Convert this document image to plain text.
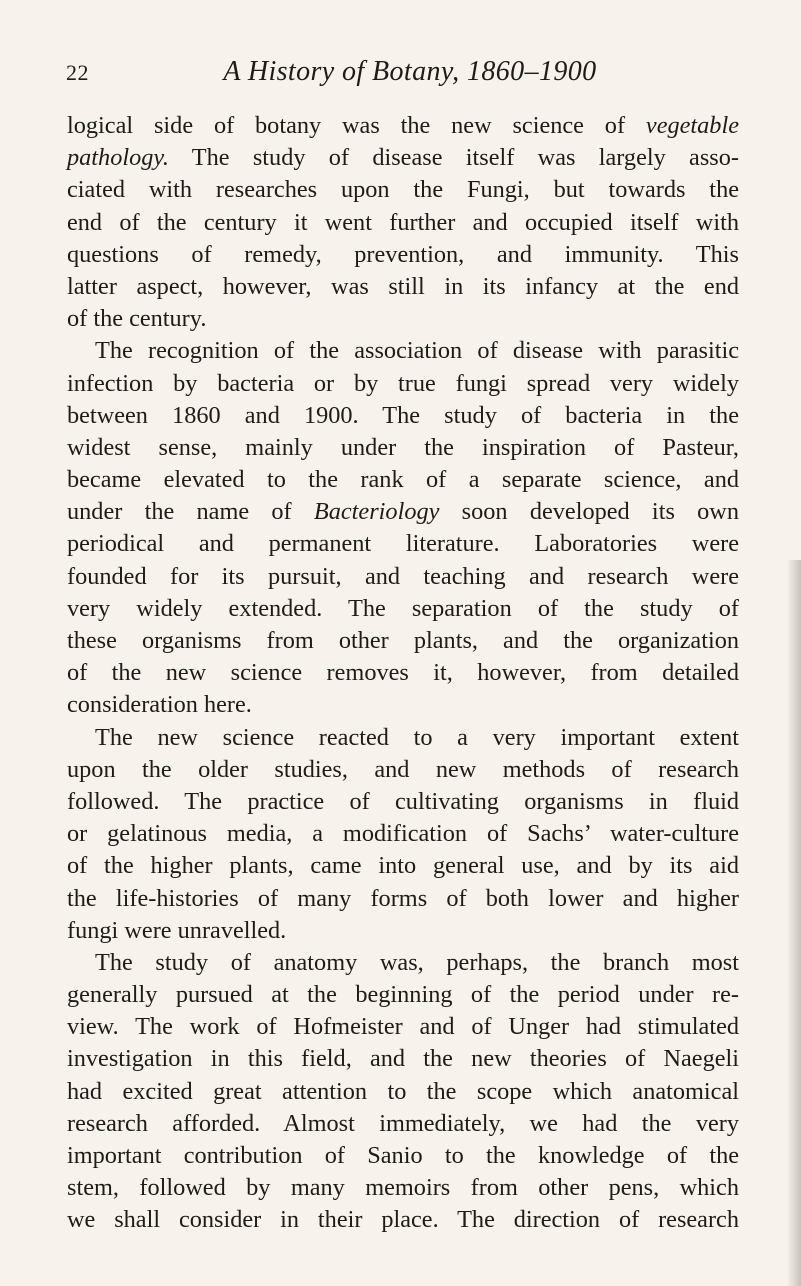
22	A History of Botany, 1860–1900
logical side of botany was the new science of vegetable
pathology. The study of disease itself was largely asso-
ciated with researches upon the Fungi, but towards the
end of the century it went further and occupied itself with
questions of remedy, prevention, and immunity. This
latter aspect, however, was still in its infancy at the end
of the century.
The recognition of the association of disease with parasitic
infection by bacteria or by true fungi spread very widely
between 1860 and 1900. The study of bacteria in the
widest sense, mainly under the inspiration of Pasteur,
became elevated to the rank of a separate science, and
under the name of Bacteriology soon developed its own
periodical and permanent literature. Laboratories were
founded for its pursuit, and teaching and research were
very widely extended. The separation of the study of
these organisms from other plants, and the organization
of the new science removes it, however, from detailed
consideration here.
The new science reacted to a very important extent
upon the older studies, and new methods of research
followed. The practice of cultivating organisms in fluid
or gelatinous media, a modification of Sachs’ water-culture
of the higher plants, came into general use, and by its aid
the life-histories of many forms of both lower and higher
fungi were unravelled.
The study of anatomy was, perhaps, the branch most
generally pursued at the beginning of the period under re-
view. The work of Hofmeister and of Unger had stimulated
investigation in this field, and the new theories of Naegeli
had excited great attention to the scope which anatomical
research afforded. Almost immediately, we had the very
important contribution of Sanio to the knowledge of the
stem, followed by many memoirs from other pens, which
we shall consider in their place. The direction of research
